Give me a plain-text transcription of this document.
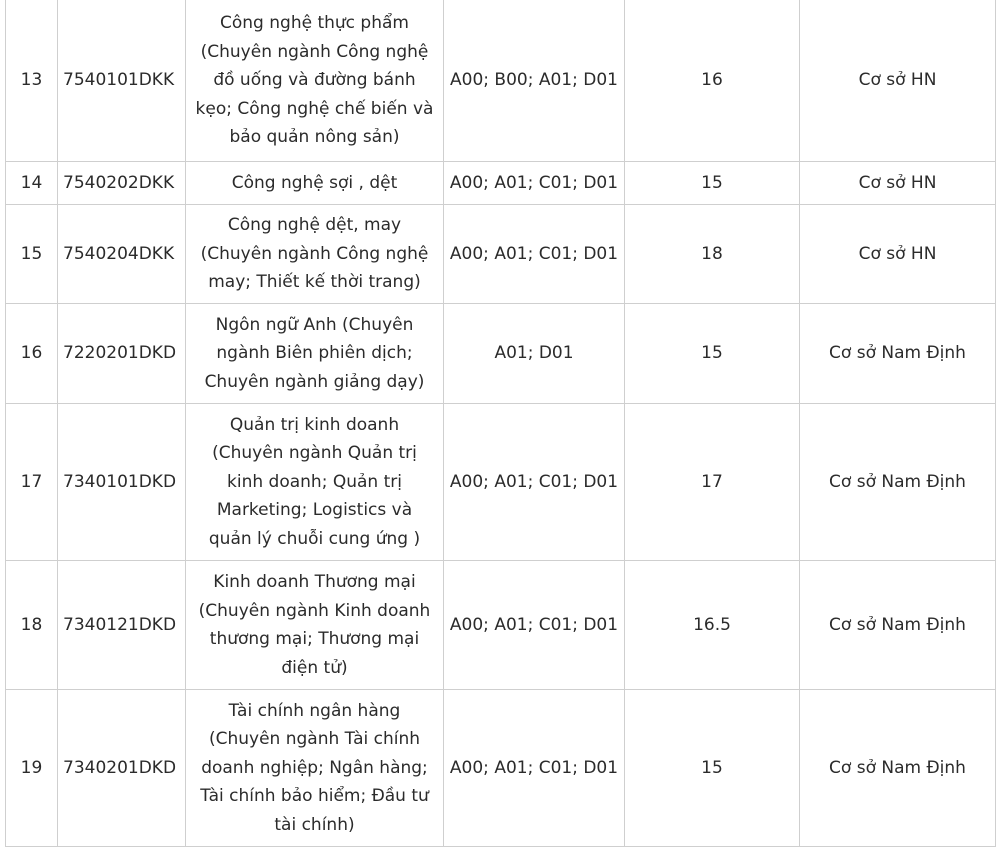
13	7540101DKK	Công nghệ thực phẩm
(Chuyên ngành Công nghệ
đồ uống và đường bánh
kẹo; Công nghệ chế biến và
bảo quản nông sản)	A00; B00; A01; D01	16	Cơ sở HN
14	7540202DKK	Công nghệ sợi , dệt	A00; A01; C01; D01	15	Cơ sở HN
15	7540204DKK	Công nghệ dệt, may
(Chuyên ngành Công nghệ
may; Thiết kế thời trang)	A00; A01; C01; D01	18	Cơ sở HN
16	7220201DKD	Ngôn ngữ Anh (Chuyên
ngành Biên phiên dịch;
Chuyên ngành giảng dạy)	A01; D01	15	Cơ sở Nam Định
17	7340101DKD	Quản trị kinh doanh
(Chuyên ngành Quản trị
kinh doanh; Quản trị
Marketing; Logistics và
quản lý chuỗi cung ứng )	A00; A01; C01; D01	17	Cơ sở Nam Định
18	7340121DKD	Kinh doanh Thương mại
(Chuyên ngành Kinh doanh
thương mại; Thương mại
điện tử)	A00; A01; C01; D01	16.5	Cơ sở Nam Định
19	7340201DKD	Tài chính ngân hàng
(Chuyên ngành Tài chính
doanh nghiệp; Ngân hàng;
Tài chính bảo hiểm; Đầu tư
tài chính)	A00; A01; C01; D01	15	Cơ sở Nam Định
